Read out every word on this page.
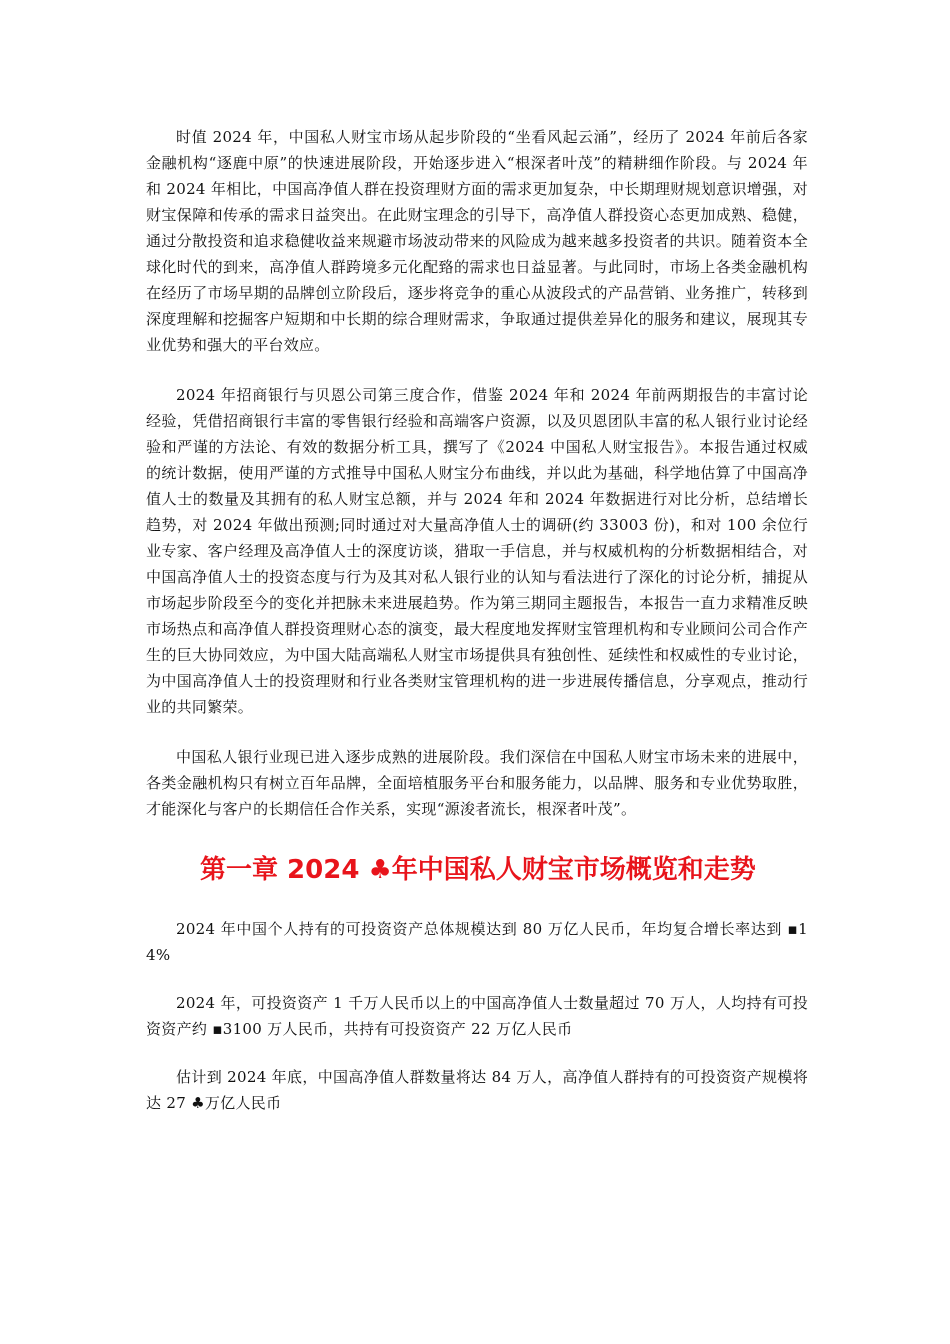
时值 2024 年，中国私人财宝市场从起步阶段的“坐看风起云涌”，经历了 2024 年前后各家金融机构“逐鹿中原”的快速进展阶段，开始逐步进入“根深者叶茂”的精耕细作阶段。与 2024 年和 2024 年相比，中国高净值人群在投资理财方面的需求更加复杂，中长期理财规划意识增强，对财宝保障和传承的需求日益突出。在此财宝理念的引导下，高净值人群投资心态更加成熟、稳健，通过分散投资和追求稳健收益来规避市场波动带来的风险成为越来越多投资者的共识。随着资本全球化时代的到来，高净值人群跨境多元化配臵的需求也日益显著。与此同时，市场上各类金融机构在经历了市场早期的品牌创立阶段后，逐步将竞争的重心从波段式的产品营销、业务推广，转移到深度理解和挖掘客户短期和中长期的综合理财需求，争取通过提供差异化的服务和建议，展现其专业优势和强大的平台效应。

2024 年招商银行与贝恩公司第三度合作，借鉴 2024 年和 2024 年前两期报告的丰富讨论经验，凭借招商银行丰富的零售银行经验和高端客户资源，以及贝恩团队丰富的私人银行业讨论经验和严谨的方法论、有效的数据分析工具，撰写了《2024 中国私人财宝报告》。本报告通过权威的统计数据，使用严谨的方式推导中国私人财宝分布曲线，并以此为基础，科学地估算了中国高净值人士的数量及其拥有的私人财宝总额，并与 2024 年和 2024 年数据进行对比分析，总结增长趋势，对 2024 年做出预测;同时通过对大量高净值人士的调研(约 33003 份)，和对 100 余位行业专家、客户经理及高净值人士的深度访谈，猎取一手信息，并与权威机构的分析数据相结合，对中国高净值人士的投资态度与行为及其对私人银行业的认知与看法进行了深化的讨论分析，捕捉从市场起步阶段至今的变化并把脉未来进展趋势。作为第三期同主题报告，本报告一直力求精准反映市场热点和高净值人群投资理财心态的演变，最大程度地发挥财宝管理机构和专业顾问公司合作产生的巨大协同效应，为中国大陆高端私人财宝市场提供具有独创性、延续性和权威性的专业讨论，为中国高净值人士的投资理财和行业各类财宝管理机构的进一步进展传播信息，分享观点，推动行业的共同繁荣。

中国私人银行业现已进入逐步成熟的进展阶段。我们深信在中国私人财宝市场未来的进展中，各类金融机构只有树立百年品牌，全面培植服务平台和服务能力，以品牌、服务和专业优势取胜，才能深化与客户的长期信任合作关系，实现“源浚者流长，根深者叶茂”。

第一章 2024 ♣年中国私人财宝市场概览和走势

2024 年中国个人持有的可投资资产总体规模达到 80 万亿人民币，年均复合增长率达到 ▪14%

2024 年，可投资资产 1 千万人民币以上的中国高净值人士数量超过 70 万人，人均持有可投资资产约 ▪3100 万人民币，共持有可投资资产 22 万亿人民币

估计到 2024 年底，中国高净值人群数量将达 84 万人，高净值人群持有的可投资资产规模将达 27 ♣万亿人民币
